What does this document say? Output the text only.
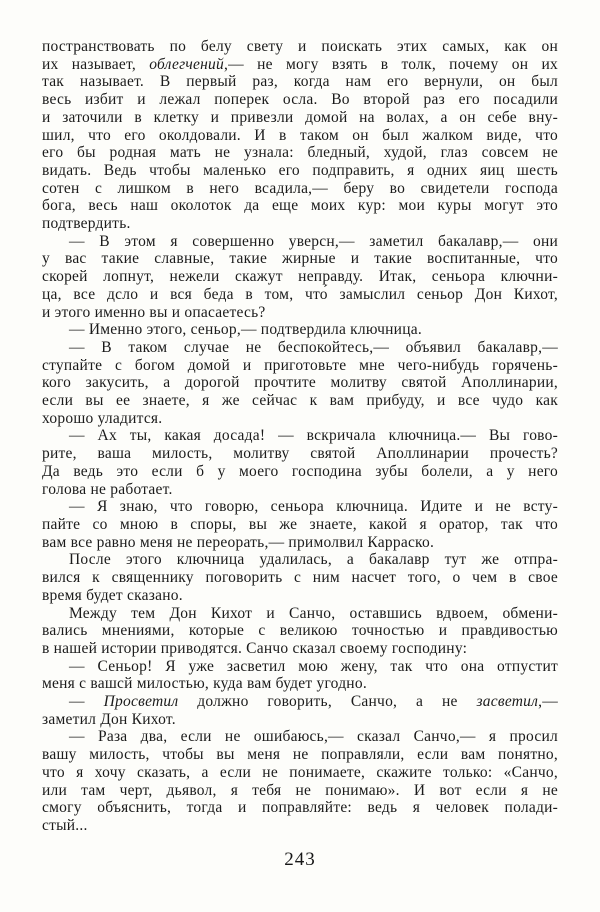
постранствовать по белу свету и поискать этих самых, как он
их называет, облегчений,— не могу взять в толк, почему он их
так называет. В первый раз, когда нам его вернули, он был
весь избит и лежал поперек осла. Во второй раз его посадили
и заточили в клетку и привезли домой на волах, а он себе вну-
шил, что его околдовали. И в таком он был жалком виде, что
его бы родная мать не узнала: бледный, худой, глаз совсем не
видать. Ведь чтобы маленько его подправить, я одних яиц шесть
сотен с лишком в него всадила,— беру во свидетели господа
бога, весь наш околоток да еще моих кур: мои куры могут это
подтвердить.
— В этом я совершенно уверсн,— заметил бакалавр,— они
у вас такие славные, такие жирные и такие воспитанные, что
скорей лопнут, нежели скажут неправду. Итак, сеньора ключни-
ца, все дсло и вся беда в том, что́ замыслил сеньор Дон Кихот,
и этого именно вы и опасаетесь?
— Именно этого, сеньор,— подтвердила ключница.
— В таком случае не беспокойтесь,— объявил бакалавр,—
ступайте с богом домой и приготовьте мне чего-нибудь горячень-
кого закусить, а дорогой прочтите молитву святой Аполлинарии,
если вы ее знаете, я же сейчас к вам прибуду, и все чудо как
хорошо уладится.
— Ах ты, какая досада! — вскричала ключница.— Вы гово-
рите, ваша милость, молитву святой Аполлинарии прочесть?
Да ведь это если б у моего господина зубы болели, а у него
голова не работает.
— Я знаю, что говорю, сеньора ключница. Идите и не всту-
пайте со мною в споры, вы же знаете, какой я оратор, так что
вам все равно меня не переорать,— примолвил Карраско.
После этого ключница удалилась, а бакалавр тут же отпра-
вился к священнику поговорить с ним насчет того, о чем в свое
время будет сказано.
Между тем Дон Кихот и Санчо, оставшись вдвоем, обмени-
вались мнениями, которые с великою точностью и правдивостью
в нашей истории приводятся. Санчо сказал своему господину:
— Сеньор! Я уже засветил мою жену, так что она отпустит
меня с вашсй милостью, куда вам будет угодно.
— Просветил должно говорить, Санчо, а не засветил,—
заметил Дон Кихот.
— Раза два, если не ошибаюсь,— сказал Санчо,— я просил
вашу милость, чтобы вы меня не поправляли, если вам понятно,
что я хочу сказать, а если не понимаете, скажите только: «Санчо,
или там черт, дьявол, я тебя не понимаю». И вот если я не
смогу объяснить, тогда и поправляйте: ведь я человек полади-
стый...
243
